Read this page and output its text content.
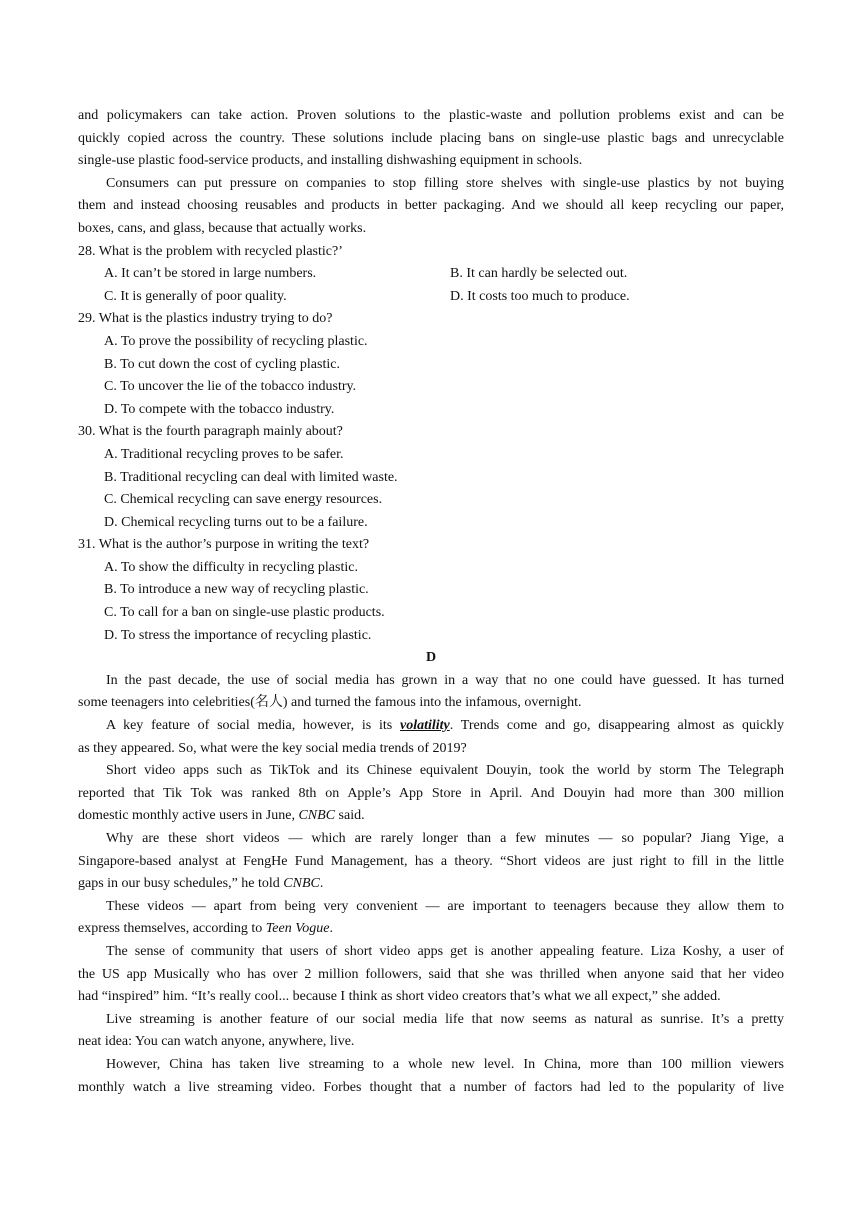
and policymakers can take action. Proven solutions to the plastic-waste and pollution problems exist and can be
quickly copied across the country. These solutions include placing bans on single-use plastic bags and unrecyclable
single-use plastic food-service products, and installing dishwashing equipment in schools.
Consumers can put pressure on companies to stop filling store shelves with single-use plastics by not buying
them and instead choosing reusables and products in better packaging. And we should all keep recycling our paper,
boxes, cans, and glass, because that actually works.
28. What is the problem with recycled plastic?’
A. It can’t be stored in large numbers.	B. It can hardly be selected out.
C. It is generally of poor quality.	D. It costs too much to produce.
29. What is the plastics industry trying to do?
A. To prove the possibility of recycling plastic.
B. To cut down the cost of cycling plastic.
C. To uncover the lie of the tobacco industry.
D. To compete with the tobacco industry.
30. What is the fourth paragraph mainly about?
A. Traditional recycling proves to be safer.
B. Traditional recycling can deal with limited waste.
C. Chemical recycling can save energy resources.
D. Chemical recycling turns out to be a failure.
31. What is the author’s purpose in writing the text?
A. To show the difficulty in recycling plastic.
B. To introduce a new way of recycling plastic.
C. To call for a ban on single-use plastic products.
D. To stress the importance of recycling plastic.
D
In the past decade, the use of social media has grown in a way that no one could have guessed. It has turned
some teenagers into celebrities(名人) and turned the famous into the infamous, overnight.
A key feature of social media, however, is its volatility. Trends come and go, disappearing almost as quickly
as they appeared. So, what were the key social media trends of 2019?
Short video apps such as TikTok and its Chinese equivalent Douyin, took the world by storm The Telegraph
reported that Tik Tok was ranked 8th on Apple’s App Store in April. And Douyin had more than 300 million
domestic monthly active users in June, CNBC said.
Why are these short videos — which are rarely longer than a few minutes — so popular? Jiang Yige, a
Singapore-based analyst at FengHe Fund Management, has a theory. “Short videos are just right to fill in the little
gaps in our busy schedules,” he told CNBC.
These videos — apart from being very convenient — are important to teenagers because they allow them to
express themselves, according to Teen Vogue.
The sense of community that users of short video apps get is another appealing feature. Liza Koshy, a user of
the US app Musically who has over 2 million followers, said that she was thrilled when anyone said that her video
had “inspired” him. “It’s really cool... because I think as short video creators that’s what we all expect,” she added.
Live streaming is another feature of our social media life that now seems as natural as sunrise. It’s a pretty
neat idea: You can watch anyone, anywhere, live.
However, China has taken live streaming to a whole new level. In China, more than 100 million viewers
monthly watch a live streaming video. Forbes thought that a number of factors had led to the popularity of live
